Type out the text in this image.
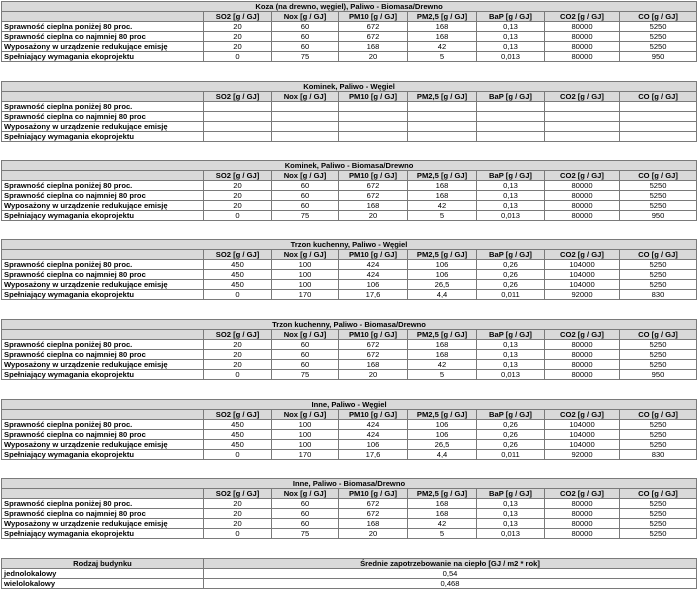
Koza (na drewno, węgiel), Paliwo - Biomasa/Drewno							
	SO2 [g / GJ]	Nox [g / GJ]	PM10 [g / GJ]	PM2,5 [g / GJ]	BaP [g / GJ]	CO2 [g / GJ]	CO [g / GJ]
Sprawność cieplna poniżej 80 proc.	20	60	672	168	0,13	80000	5250
Sprawność cieplna co najmniej 80 proc	20	60	672	168	0,13	80000	5250
Wyposażony w urządzenie redukujące emisję	20	60	168	42	0,13	80000	5250
Spełniający wymagania ekoprojektu	0	75	20	5	0,013	80000	950
Kominek, Paliwo - Węgiel							
	SO2 [g / GJ]	Nox [g / GJ]	PM10 [g / GJ]	PM2,5 [g / GJ]	BaP [g / GJ]	CO2 [g / GJ]	CO [g / GJ]
Sprawność cieplna poniżej 80 proc.							
Sprawność cieplna co najmniej 80 proc							
Wyposażony w urządzenie redukujące emisję							
Spełniający wymagania ekoprojektu							
Kominek, Paliwo - Biomasa/Drewno							
	SO2 [g / GJ]	Nox [g / GJ]	PM10 [g / GJ]	PM2,5 [g / GJ]	BaP [g / GJ]	CO2 [g / GJ]	CO [g / GJ]
Sprawność cieplna poniżej 80 proc.	20	60	672	168	0,13	80000	5250
Sprawność cieplna co najmniej 80 proc	20	60	672	168	0,13	80000	5250
Wyposażony w urządzenie redukujące emisję	20	60	168	42	0,13	80000	5250
Spełniający wymagania ekoprojektu	0	75	20	5	0,013	80000	950
Trzon kuchenny, Paliwo - Węgiel							
	SO2 [g / GJ]	Nox [g / GJ]	PM10 [g / GJ]	PM2,5 [g / GJ]	BaP [g / GJ]	CO2 [g / GJ]	CO [g / GJ]
Sprawność cieplna poniżej 80 proc.	450	100	424	106	0,26	104000	5250
Sprawność cieplna co najmniej 80 proc	450	100	424	106	0,26	104000	5250
Wyposażony w urządzenie redukujące emisję	450	100	106	26,5	0,26	104000	5250
Spełniający wymagania ekoprojektu	0	170	17,6	4,4	0,011	92000	830
Trzon kuchenny, Paliwo - Biomasa/Drewno							
	SO2 [g / GJ]	Nox [g / GJ]	PM10 [g / GJ]	PM2,5 [g / GJ]	BaP [g / GJ]	CO2 [g / GJ]	CO [g / GJ]
Sprawność cieplna poniżej 80 proc.	20	60	672	168	0,13	80000	5250
Sprawność cieplna co najmniej 80 proc	20	60	672	168	0,13	80000	5250
Wyposażony w urządzenie redukujące emisję	20	60	168	42	0,13	80000	5250
Spełniający wymagania ekoprojektu	0	75	20	5	0,013	80000	950
Inne, Paliwo - Węgiel							
	SO2 [g / GJ]	Nox [g / GJ]	PM10 [g / GJ]	PM2,5 [g / GJ]	BaP [g / GJ]	CO2 [g / GJ]	CO [g / GJ]
Sprawność cieplna poniżej 80 proc.	450	100	424	106	0,26	104000	5250
Sprawność cieplna co najmniej 80 proc	450	100	424	106	0,26	104000	5250
Wyposażony w urządzenie redukujące emisję	450	100	106	26,5	0,26	104000	5250
Spełniający wymagania ekoprojektu	0	170	17,6	4,4	0,011	92000	830
Inne, Paliwo - Biomasa/Drewno							
	SO2 [g / GJ]	Nox [g / GJ]	PM10 [g / GJ]	PM2,5 [g / GJ]	BaP [g / GJ]	CO2 [g / GJ]	CO [g / GJ]
Sprawność cieplna poniżej 80 proc.	20	60	672	168	0,13	80000	5250
Sprawność cieplna co najmniej 80 proc	20	60	672	168	0,13	80000	5250
Wyposażony w urządzenie redukujące emisję	20	60	168	42	0,13	80000	5250
Spełniający wymagania ekoprojektu	0	75	20	5	0,013	80000	5250
Rodzaj budynku	Średnie zapotrzebowanie na ciepło [GJ / m2 * rok]
jednolokalowy	0,54
wielolokalowy	0,468
